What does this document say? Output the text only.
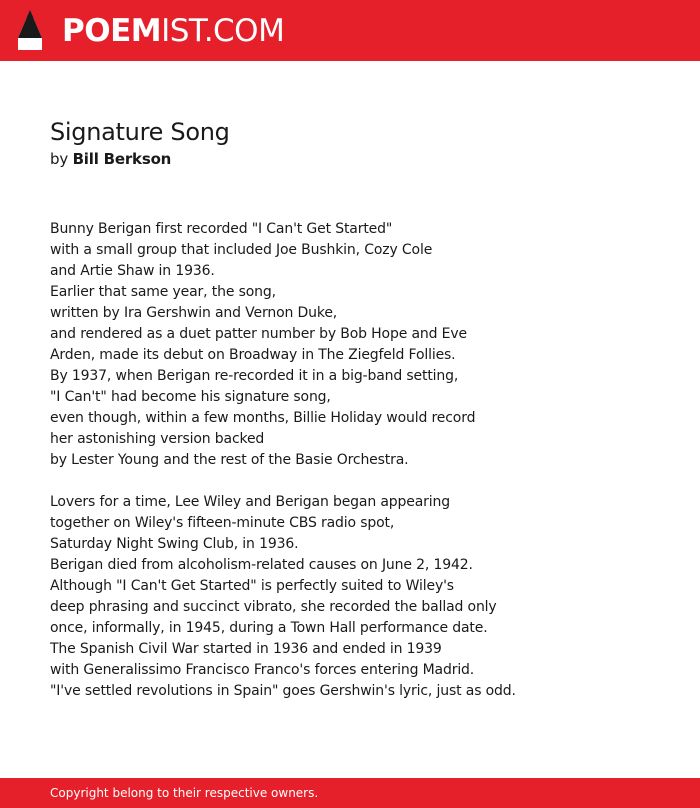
POEMIST.COM
Signature Song
by Bill Berkson
Bunny Berigan first recorded "I Can't Get Started"
with a small group that included Joe Bushkin, Cozy Cole
and Artie Shaw in 1936.
Earlier that same year, the song,
written by Ira Gershwin and Vernon Duke,
and rendered as a duet patter number by Bob Hope and Eve
Arden, made its debut on Broadway in The Ziegfeld Follies.
By 1937, when Berigan re-recorded it in a big-band setting,
"I Can't" had become his signature song,
even though, within a few months, Billie Holiday would record
her astonishing version backed
by Lester Young and the rest of the Basie Orchestra.
Lovers for a time, Lee Wiley and Berigan began appearing
together on Wiley's fifteen-minute CBS radio spot,
Saturday Night Swing Club, in 1936.
Berigan died from alcoholism-related causes on June 2, 1942.
Although "I Can't Get Started" is perfectly suited to Wiley's
deep phrasing and succinct vibrato, she recorded the ballad only
once, informally, in 1945, during a Town Hall performance date.
The Spanish Civil War started in 1936 and ended in 1939
with Generalissimo Francisco Franco's forces entering Madrid.
"I've settled revolutions in Spain" goes Gershwin's lyric, just as odd.
Copyright belong to their respective owners.
